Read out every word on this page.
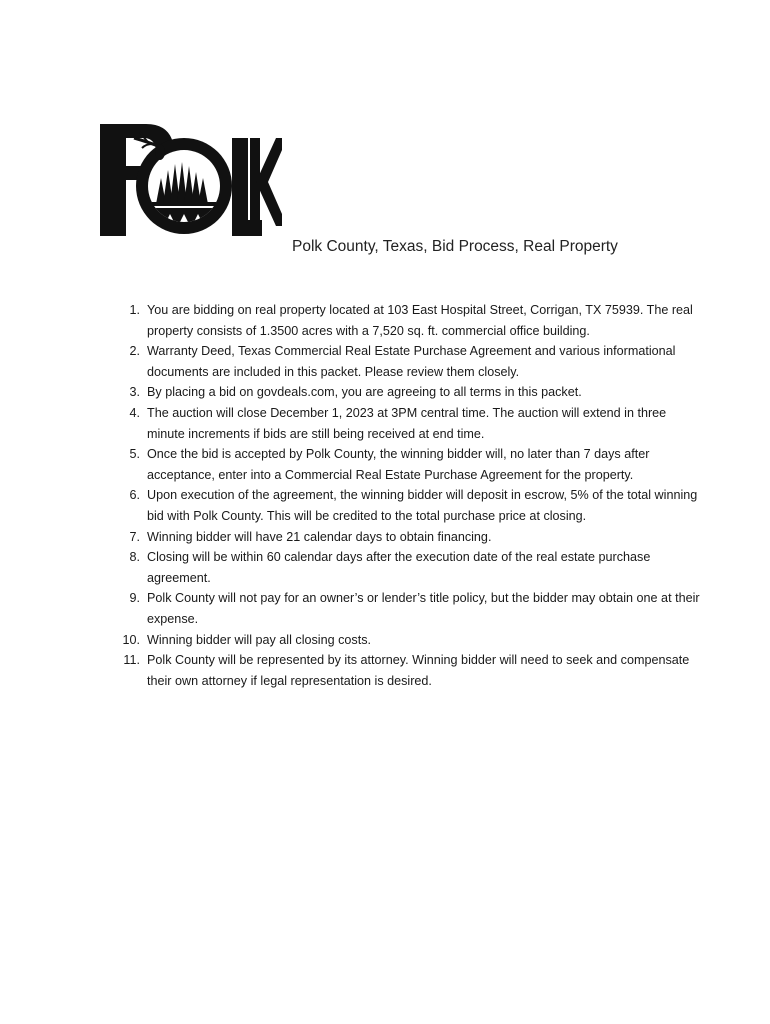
Polk County, Texas, Bid Process, Real Property
1. You are bidding on real property located at 103 East Hospital Street, Corrigan, TX 75939. The real property consists of 1.3500 acres with a 7,520 sq. ft. commercial office building.
2. Warranty Deed, Texas Commercial Real Estate Purchase Agreement and various informational documents are included in this packet. Please review them closely.
3. By placing a bid on govdeals.com, you are agreeing to all terms in this packet.
4. The auction will close December 1, 2023 at 3PM central time. The auction will extend in three minute increments if bids are still being received at end time.
5. Once the bid is accepted by Polk County, the winning bidder will, no later than 7 days after acceptance, enter into a Commercial Real Estate Purchase Agreement for the property.
6. Upon execution of the agreement, the winning bidder will deposit in escrow, 5% of the total winning bid with Polk County. This will be credited to the total purchase price at closing.
7. Winning bidder will have 21 calendar days to obtain financing.
8. Closing will be within 60 calendar days after the execution date of the real estate purchase agreement.
9. Polk County will not pay for an owner’s or lender’s title policy, but the bidder may obtain one at their expense.
10. Winning bidder will pay all closing costs.
11. Polk County will be represented by its attorney. Winning bidder will need to seek and compensate their own attorney if legal representation is desired.
